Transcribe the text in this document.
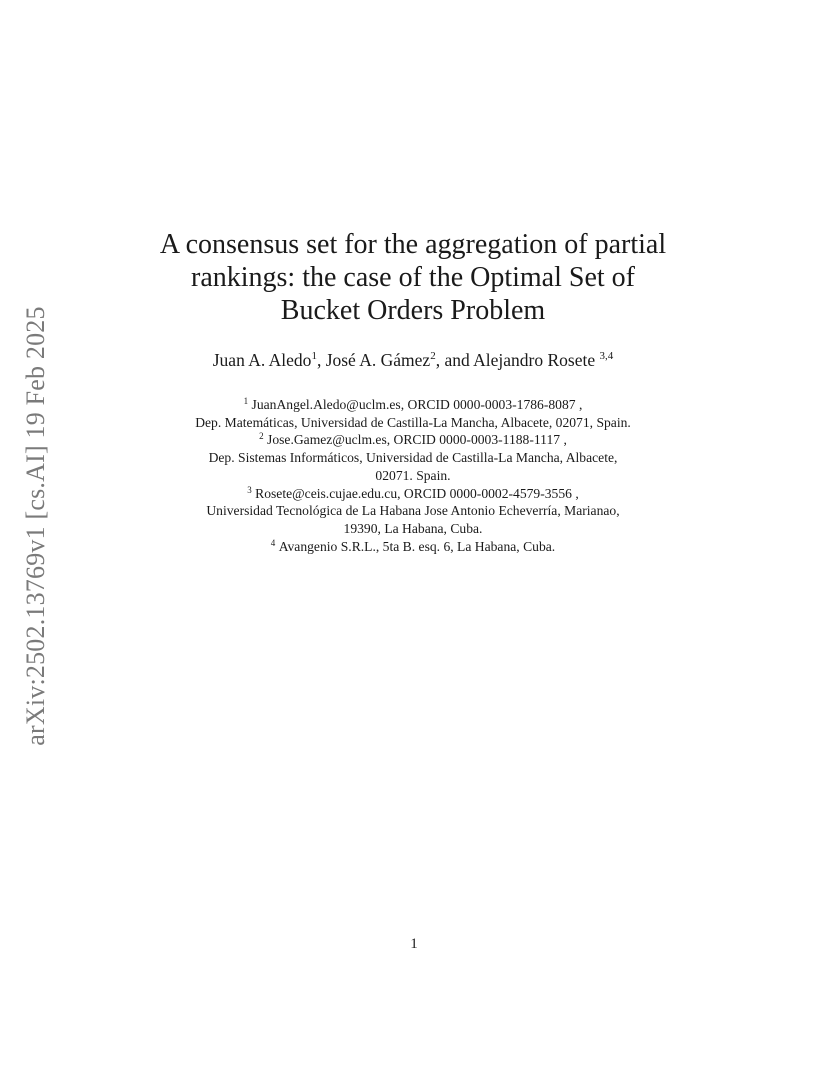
arXiv:2502.13769v1 [cs.AI] 19 Feb 2025
A consensus set for the aggregation of partial
rankings: the case of the Optimal Set of
Bucket Orders Problem
Juan A. Aledo$^1$, José A. Gámez$^2$, and Alejandro Rosete $^{3,4}$
$^1$ JuanAngel.Aledo@uclm.es, ORCID 0000-0003-1786-8087 ,
Dep. Matemáticas, Universidad de Castilla-La Mancha, Albacete, 02071, Spain.
$^2$ Jose.Gamez@uclm.es, ORCID 0000-0003-1188-1117 ,
Dep. Sistemas Informáticos, Universidad de Castilla-La Mancha, Albacete,
02071. Spain.
$^3$ Rosete@ceis.cujae.edu.cu, ORCID 0000-0002-4579-3556 ,
Universidad Tecnológica de La Habana Jose Antonio Echeverría, Marianao,
19390, La Habana, Cuba.
$^4$ Avangenio S.R.L., 5ta B. esq. 6, La Habana, Cuba.
1
